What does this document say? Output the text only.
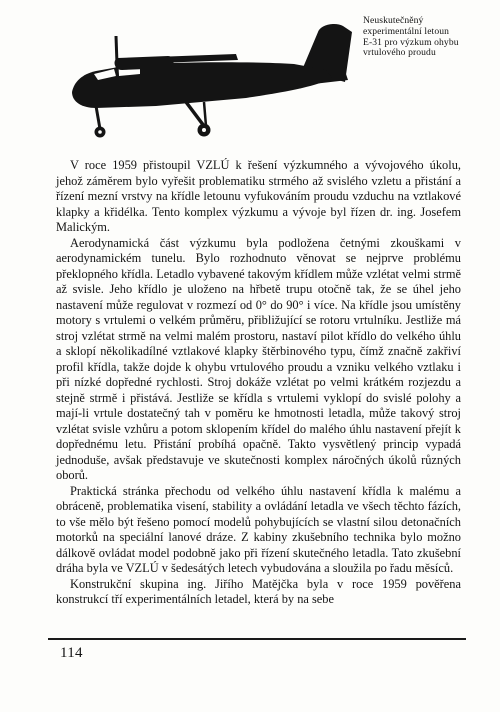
Neuskutečněný
experimentální letoun
E-31 pro výzkum ohybu
vrtulového proudu

V roce 1959 přistoupil VZLÚ k řešení výzkumného a vývojového úkolu, jehož záměrem bylo vyřešit problematiku strmého až svislého vzletu a přistání a řízení mezní vrstvy na křídle letounu vyfukováním proudu vzduchu na vztlakové klapky a křidélka. Tento komplex výzkumu a vývoje byl řízen dr. ing. Josefem Malickým.

Aerodynamická část výzkumu byla podložena četnými zkouškami v aerodynamickém tunelu. Bylo rozhodnuto věnovat se nejprve problému překlopného křídla. Letadlo vybavené takovým křídlem může vzlétat velmi strmě až svisle. Jeho křídlo je uloženo na hřbetě trupu otočně tak, že se úhel jeho nastavení může regulovat v rozmezí od 0° do 90° i více. Na křídle jsou umístěny motory s vrtulemi o velkém průměru, přibližující se rotoru vrtulníku. Jestliže má stroj vzlétat strmě na velmi malém prostoru, nastaví pilot křídlo do velkého úhlu a sklopí několikadílné vztlakové klapky štěrbinového typu, čímž značně zakřiví profil křídla, takže dojde k ohybu vrtulového proudu a vzniku velkého vztlaku i při nízké dopředné rychlosti. Stroj dokáže vzlétat po velmi krátkém rozjezdu a stejně strmě i přistává. Jestliže se křídla s vrtulemi vyklopí do svislé polohy a mají-li vrtule dostatečný tah v poměru ke hmotnosti letadla, může takový stroj vzlétat svisle vzhůru a potom sklopením křídel do malého úhlu nastavení přejít k dopřednému letu. Přistání probíhá opačně. Takto vysvětlený princip vypadá jednoduše, avšak představuje ve skutečnosti komplex náročných úkolů různých oborů.

Praktická stránka přechodu od velkého úhlu nastavení křídla k malému a obráceně, problematika visení, stability a ovládání letadla ve všech těchto fázích, to vše mělo být řešeno pomocí modelů pohybujících se vlastní silou detonačních motorků na speciální lanové dráze. Z kabiny zkušebního technika bylo možno dálkově ovládat model podobně jako při řízení skutečného letadla. Tato zkušební dráha byla ve VZLÚ v šedesátých letech vybudována a sloužila po řadu měsíců.

Konstrukční skupina ing. Jiřího Matějčka byla v roce 1959 pověřena konstrukcí tří experimentálních letadel, která by na sebe

114
